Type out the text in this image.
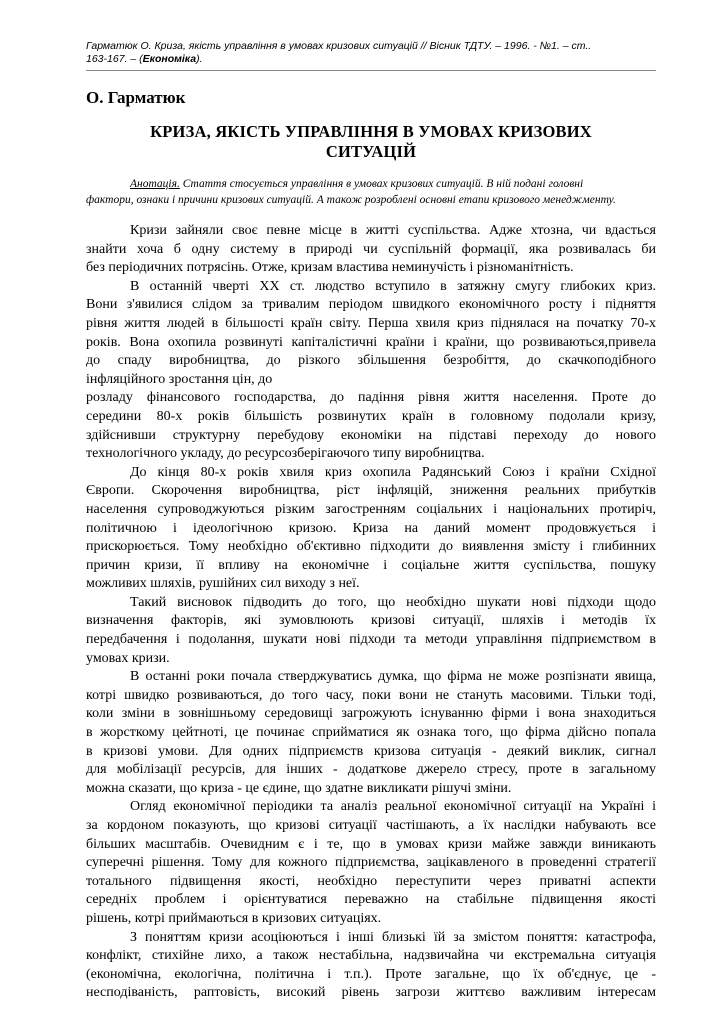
Гарматюк О. Криза, якість управління в умовах кризових ситуацій // Вісник ТДТУ. – 1996. - №1. – ст..
163-167. – (Економіка).
О. Гарматюк
КРИЗА, ЯКІСТЬ УПРАВЛІННЯ В УМОВАХ КРИЗОВИХ
СИТУАЦІЙ
Анотація. Стаття стосується управління в умовах кризових ситуацій. В ній подані головні
фактори, ознаки і причини кризових ситуацій. А також розроблені основні етапи кризового менеджменту.
Кризи зайняли своє певне місце в житті суспільства. Адже хтозна, чи вдасться
знайти хоча б одну систему в природі чи суспільній формації, яка розвивалась би
без періодичних потрясінь. Отже, кризам властива неминучість і різноманітність.
В останній чверті ХХ ст. людство вступило в затяжну смугу глибоких кpиз.
Вони з'явилися слідом за тривалим періодом швидкого економічного росту і підняття
рівня життя людей в більшості країн світу. Перша хвиля криз піднялася на початку 70-х
років. Вона охопила розвинуті капіталістичні країни і країни, що розвиваються,привела
до спаду виробництва, до різкого збільшення безробіття, до скачкоподібного
інфляційного зростання цін, до
розладу фінансового господарства, до падіння рівня життя населення. Проте до
середини 80-х років більшість розвинутих країн в головному подолали кризу,
здійснивши структурну перебудову економіки на підставі переходу до нового
технологічного укладу, до ресурсозберігаючого типу виробництва.
До кінця 80-х років хвиля криз охопила Радянський Союз і країни Східної
Європи. Скорочення виробництва, ріст інфляцій, зниження реальних прибутків
населення супроводжуються різким загостренням соціальних і національних протиріч,
політичною і ідеологічною кризою. Криза на даний момент продовжується і
прискорюється. Тому необхідно об'єктивно підходити до виявлення змісту і глибинних
причин кризи, її впливу на економічне і соціальне життя суспільства, пошуку
можливих шляхів, рушійних сил виходу з неї.
Такий висновок підводить до того, що необхідно шукати нові підходи щодо
визначення факторів, які зумовлюють кризові ситуації, шляхів і методів їх
передбачення і подолання, шукати нові підходи та методи управління підприємством в
умовах кризи.
В останні роки почала стверджуватись думка, що фірма не може розпізнати явища,
котрі швидко розвиваються, до того часу, поки вони не стануть масовими. Тільки тоді,
коли зміни в зовнішньому середовищі загрожують існуванню фірми і вона знаходиться
в жорсткому цейтноті, це починає сприйматися як ознака того, що фірма дійсно попала
в кризові умови. Для одних підприємств кризова ситуація - деякий виклик, сигнал
для мобілізації ресурсів, для інших - додаткове джерело стресу, проте в загальному
можна сказати, що криза - це єдине, що здатне викликати рішучі зміни.
Огляд економічної періодики та аналіз реальної економічної ситуації на Україні і
за кордоном показують, що кризові ситуації частішають, а їх наслідки набувають все
більших масштабів. Очевидним є і те, що в умовах кризи майже завжди виникають
суперечні рішення. Тому для кожного підприємства, зацікавленого в проведенні стратегії
тотального підвищення якості, необхідно переступити через приватні аспекти
середніх проблем і орієнтуватися переважно на стабільне підвищення якості
рішень, котрі приймаються в кризових ситуаціях.
З поняттям кризи асоціюються і інші близькі їй за змістом поняття: катастрофа,
конфлікт, стихійне лихо, а також нестабільна, надзвичайна чи екстремальна ситуація
(економічна, екологічна, політична і т.п.). Проте загальне, що їх об'єднує, це -
несподіваність, раптовість, високий рівень загрози життєво важливим інтересам
